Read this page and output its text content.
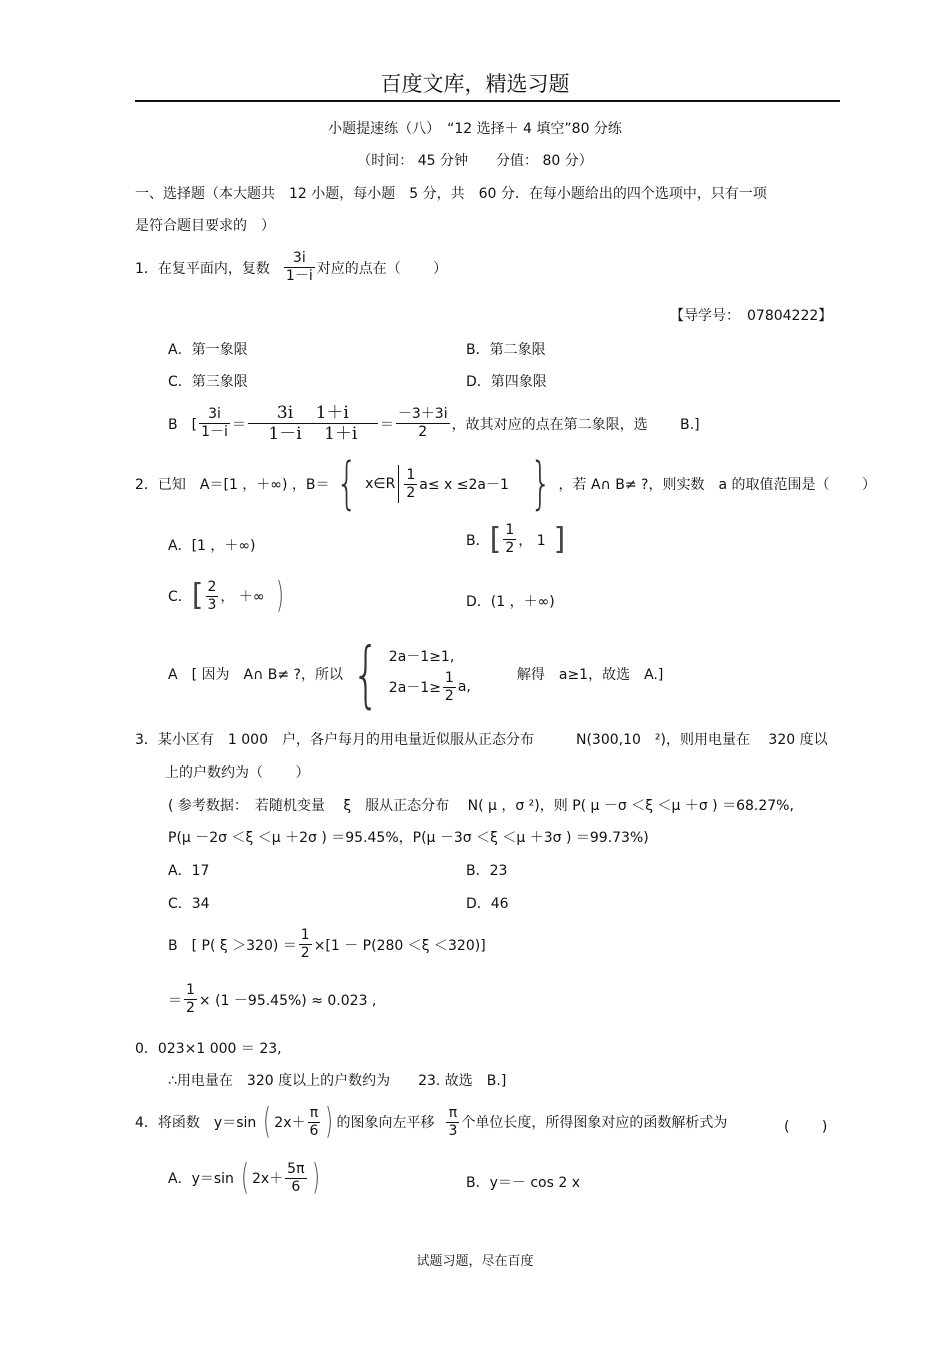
百度文库，精选习题
小题提速练（八）　“12 选择＋ 4 填空”80 分练
（时间： 45 分钟　　分值： 80 分）
一、选择题（本大题共　12 小题，每小题　5 分，共　60 分．在每小题给出的四个选项中，只有一项
是符合题目要求的　）
1．在复平面内，复数 $\frac{3i}{1-i}$ 对应的点在（　　 ）
【导学号：　07804222】
A．第一象限	B．第二象限
C．第三象限	D．第四象限
B　[ $\frac{3i}{1-i} = \frac{3i 1+i}{1-i 1+i} = \frac{-3+3i}{2}$ ，故其对应的点在第二象限，选　　 B.]
2．已知　A＝[1 ，＋∞) ，B＝ { x∈R $\frac{1}{2} a\le x \le 2a-1$ } ，若 A∩ B≠ ?，则实数　a 的取值范围是（　　 ）
A．[1 ，＋∞)	B． [ $\frac{1}{2}$ ， 1 ]
C． [ $\frac{2}{3}$ ， ＋∞ )	D．(1 ，＋∞)
A　[ 因为　A∩ B≠ ?，所以 { 2a－1≥1,
$2a-1\ge \frac{1}{2} a$,
解得　a≥1，故选　A.]
3．某小区有　1 000　户，各户每月的用电量近似服从正态分布　　　N(300,10　²)，则用电量在　 320 度以
上的户数约为（　　 ）
( 参考数据：　若随机变量　 ξ　服从正态分布　 N( μ ，σ ²)，则 P( μ －σ ＜ξ ＜μ ＋σ ) ＝68.27%,
P(μ －2σ ＜ξ ＜μ ＋2σ ) ＝95.45%，P(μ －3σ ＜ξ ＜μ ＋3σ ) ＝99.73%)
A．17	B．23
C．34	D．46
B　[ P( $\xi >320) = \frac{1}{2} \times[1 - P(280 <\xi <320)]$
＝ $\frac{1}{2} \times (1 -95.45\%) \approx 0.023$ ,
0．023×1 000 ＝ 23,
∴用电量在　320 度以上的户数约为　　23. 故选　B.]
4．将函数　y＝sin ( $2x+ \frac{\pi}{6}$ ) 的图象向左平移 $\frac{\pi}{3}$ 个单位长度，所得图象对应的函数解析式为	(　　 )
A．y＝sin ( $2x+ \frac{5\pi}{6}$ )	B．y＝－ cos 2 x
试题习题，尽在百度
